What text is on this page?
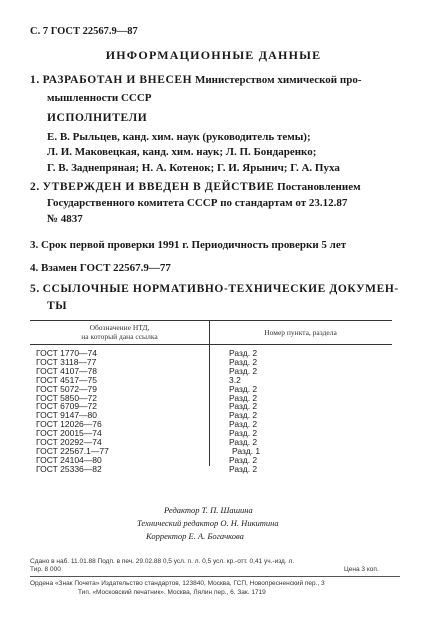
С. 7 ГОСТ 22567.9—87
ИНФОРМАЦИОННЫЕ ДАННЫЕ
1. РАЗРАБОТАН И ВНЕСЕН Министерством химической про-
мышленности СССР
ИСПОЛНИТЕЛИ
Е. В. Рыльцев, канд. хим. наук (руководитель темы);
Л. И. Маковецкая, канд. хим. наук; Л. П. Бондаренко;
Г. В. Заднепряная; Н. А. Котенок; Г. И. Ярынич; Г. А. Пуха
2. УТВЕРЖДЕН И ВВЕДЕН В ДЕЙСТВИЕ Постановлением
Государственного комитета СССР по стандартам от 23.12.87
№ 4837
3. Срок первой проверки 1991 г. Периодичность проверки 5 лет
4. Взамен ГОСТ 22567.9—77
5. ССЫЛОЧНЫЕ НОРМАТИВНО-ТЕХНИЧЕСКИЕ ДОКУМЕН-
ТЫ
Обозначение НТД,
на который дана ссылка	Номер пункта, раздела
ГОСТ 1770—74	Разд. 2
ГОСТ 3118—77	Разд. 2
ГОСТ 4107—78	Разд. 2
ГОСТ 4517—75	3.2
ГОСТ 5072—79	Разд. 2
ГОСТ 5850—72	Разд. 2
ГОСТ 6709—72	Разд. 2
ГОСТ 9147—80	Разд. 2
ГОСТ 12026—76	Разд. 2
ГОСТ 20015—74	Разд. 2
ГОСТ 20292—74	Разд. 2
ГОСТ 22567.1—77	Разд. 1
ГОСТ 24104—80	Разд. 2
ГОСТ 25336—82	Разд. 2
Редактор Т. П. Шашина
Технический редактор О. Н. Никитина
Корректор Е. А. Богачкова
Сдано в наб. 11.01.88 Подп. в печ. 29.02.88 0,5 усл. п. л. 0,5 усл. кр.-отт. 0,41 уч.-изд. л.
Тир. 8 000	Цена 3 коп.
Ордена «Знак Почета» Издательство стандартов, 123840, Москва, ГСП, Новопресненский пер., 3
Тип. «Московский печатник». Москва, Лялин пер., 6. Зак. 1719
